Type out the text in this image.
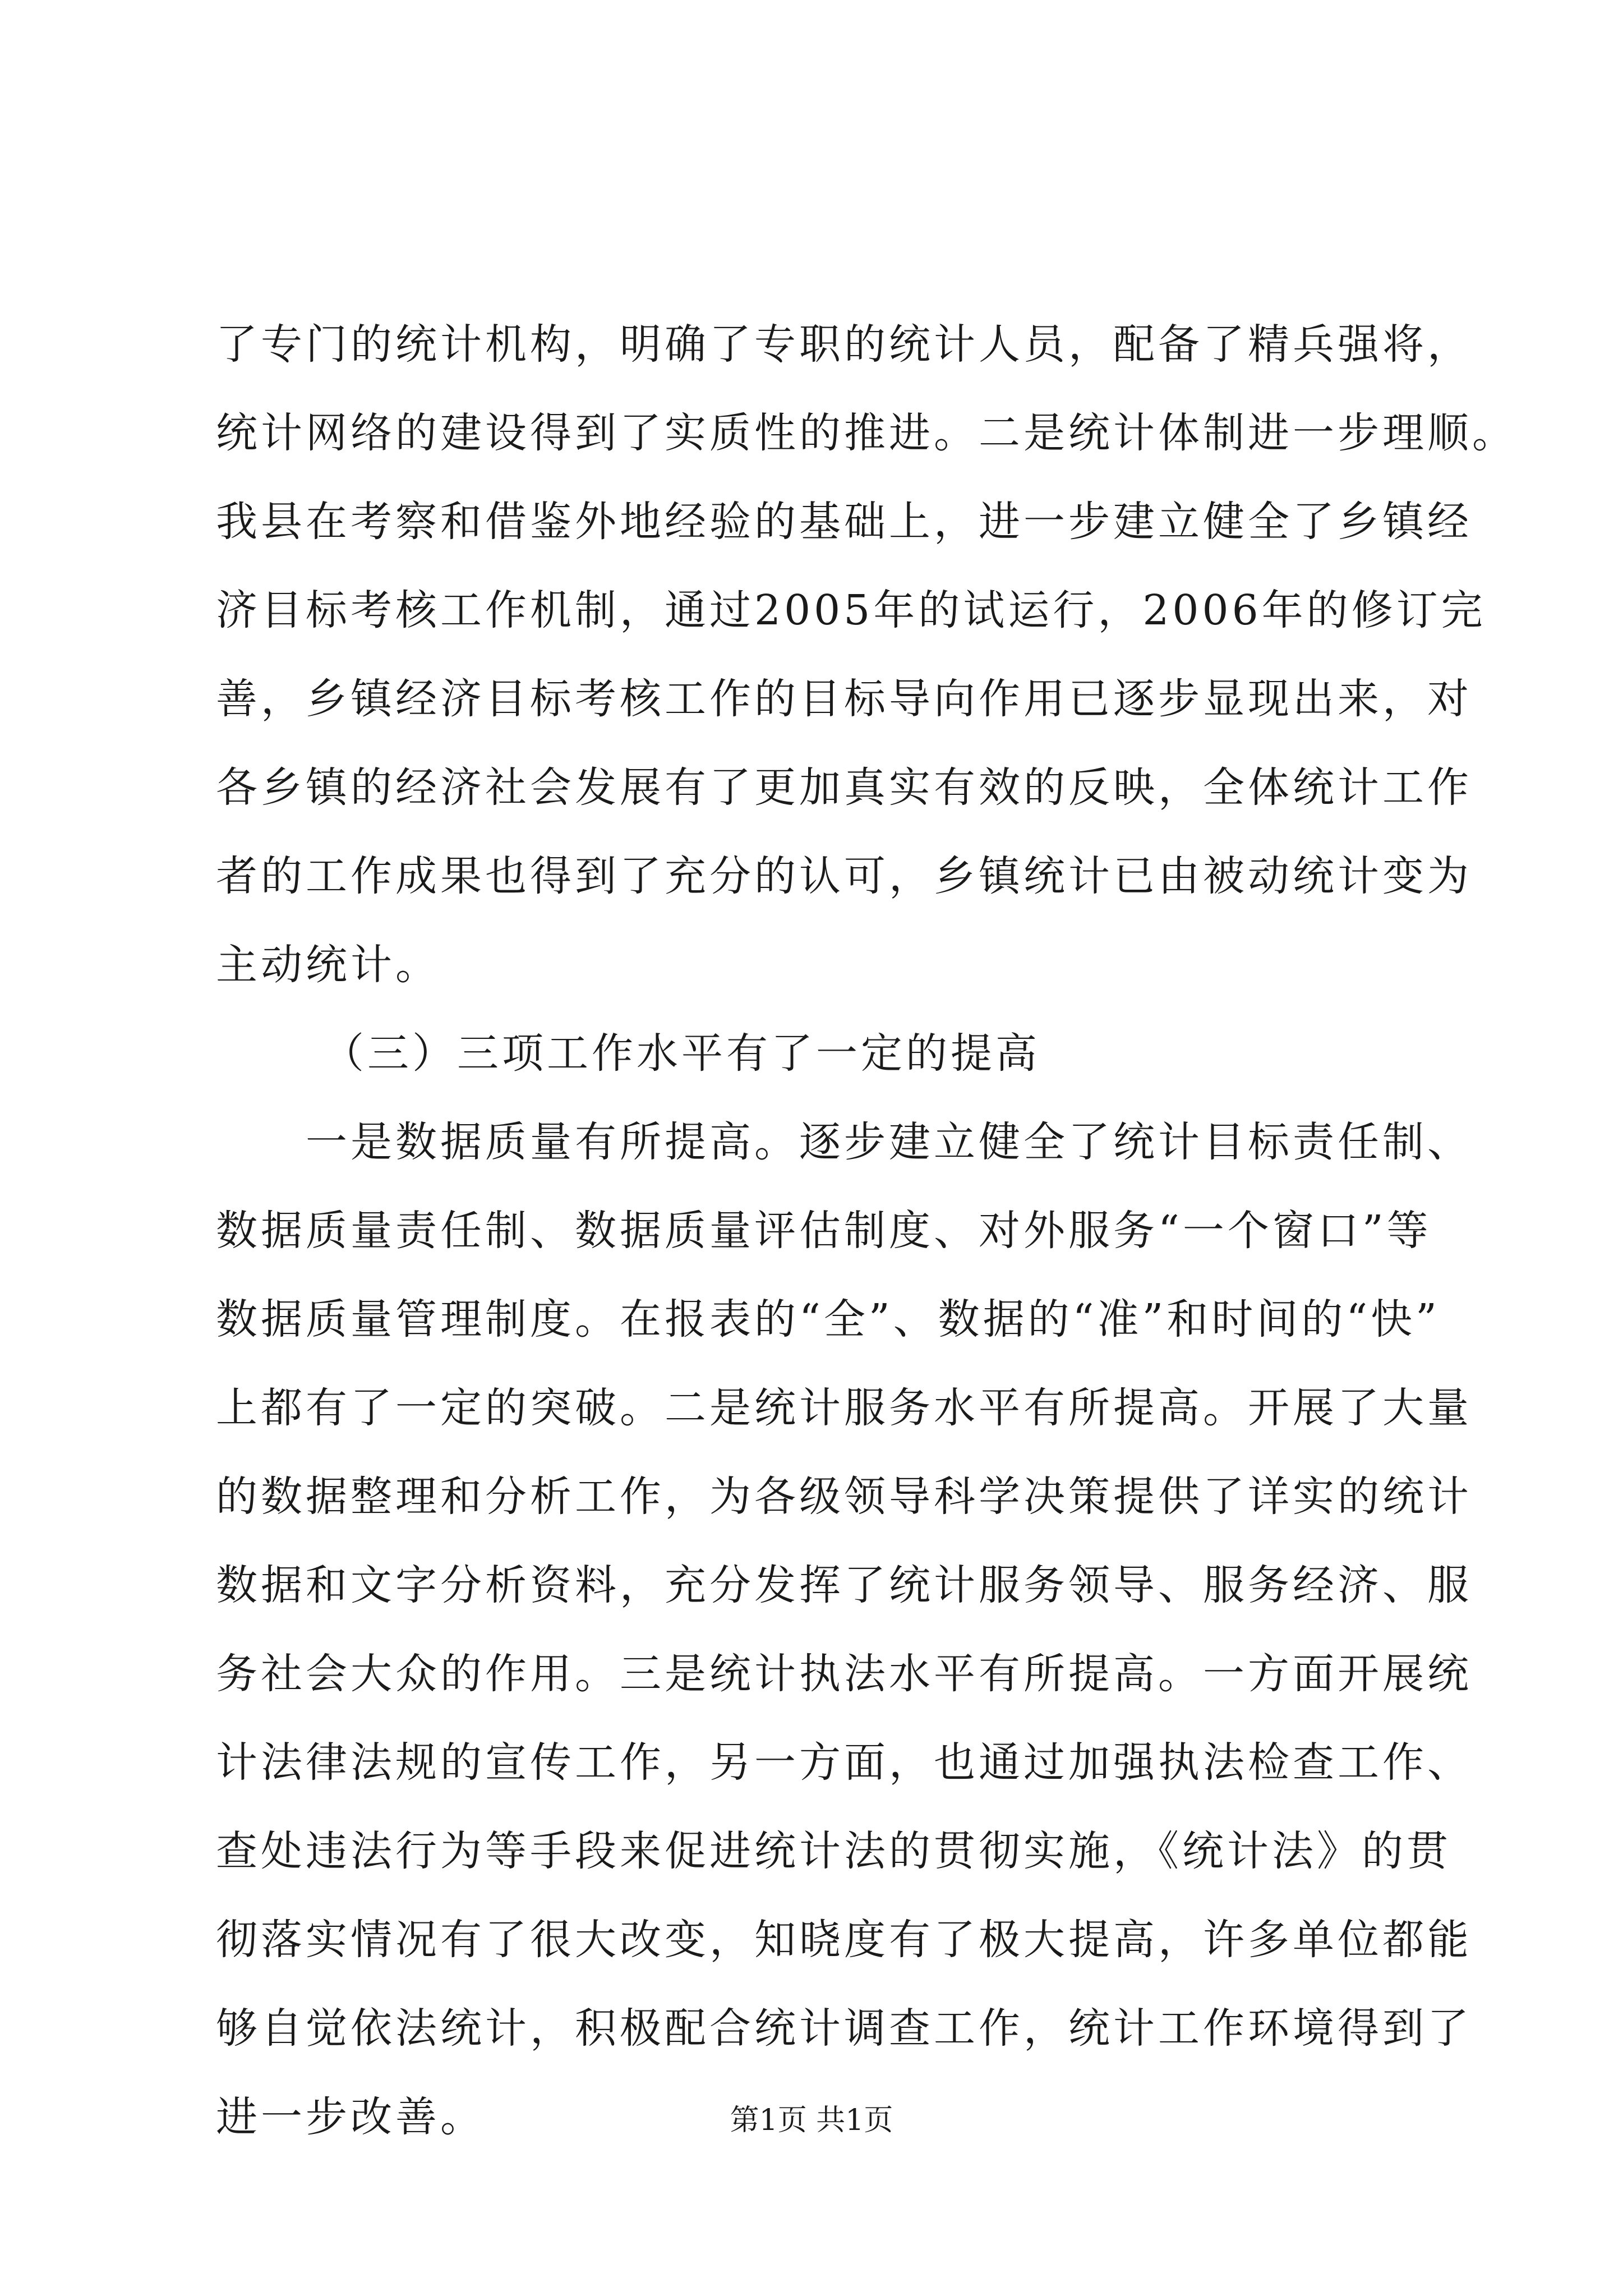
了专门的统计机构，明确了专职的统计人员，配备了精兵强将，
统计网络的建设得到了实质性的推进。二是统计体制进一步理顺。
我县在考察和借鉴外地经验的基础上，进一步建立健全了乡镇经
济目标考核工作机制，通过2005年的试运行，2006年的修订完
善，乡镇经济目标考核工作的目标导向作用已逐步显现出来，对
各乡镇的经济社会发展有了更加真实有效的反映，全体统计工作
者的工作成果也得到了充分的认可，乡镇统计已由被动统计变为
主动统计。
（三）三项工作水平有了一定的提高
一是数据质量有所提高。逐步建立健全了统计目标责任制、
数据质量责任制、数据质量评估制度、对外服务“一个窗口”等
数据质量管理制度。在报表的“全”、数据的“准”和时间的“快”
上都有了一定的突破。二是统计服务水平有所提高。开展了大量
的数据整理和分析工作，为各级领导科学决策提供了详实的统计
数据和文字分析资料，充分发挥了统计服务领导、服务经济、服
务社会大众的作用。三是统计执法水平有所提高。一方面开展统
计法律法规的宣传工作，另一方面，也通过加强执法检查工作、
查处违法行为等手段来促进统计法的贯彻实施，《统计法》的贯
彻落实情况有了很大改变，知晓度有了极大提高，许多单位都能
够自觉依法统计，积极配合统计调查工作，统计工作环境得到了
进一步改善。	第1页 共1页
